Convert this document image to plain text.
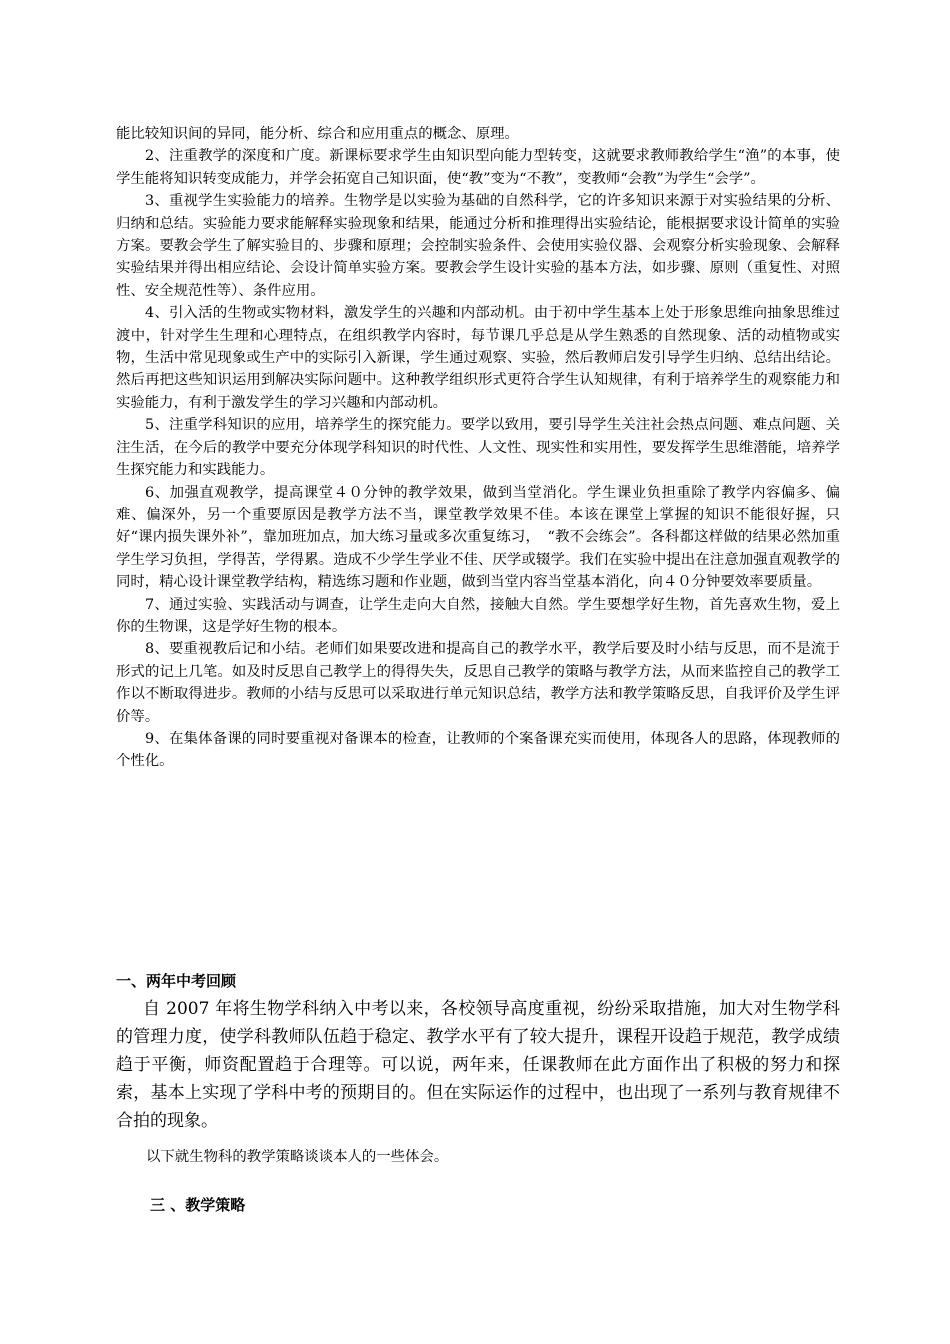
能比较知识间的异同，能分析、综合和应用重点的概念、原理。

2、注重教学的深度和广度。新课标要求学生由知识型向能力型转变，这就要求教师教给学生“渔”的本事，使学生能将知识转变成能力，并学会拓宽自己知识面，使“教”变为“不教”，变教师“会教”为学生“会学”。

3、重视学生实验能力的培养。生物学是以实验为基础的自然科学，它的许多知识来源于对实验结果的分析、归纳和总结。实验能力要求能解释实验现象和结果，能通过分析和推理得出实验结论，能根据要求设计简单的实验方案。要教会学生了解实验目的、步骤和原理；会控制实验条件、会使用实验仪器、会观察分析实验现象、会解释实验结果并得出相应结论、会设计简单实验方案。要教会学生设计实验的基本方法，如步骤、原则（重复性、对照性、安全规范性等）、条件应用。

4、引入活的生物或实物材料，激发学生的兴趣和内部动机。由于初中学生基本上处于形象思维向抽象思维过渡中，针对学生生理和心理特点，在组织教学内容时，每节课几乎总是从学生熟悉的自然现象、活的动植物或实物，生活中常见现象或生产中的实际引入新课，学生通过观察、实验，然后教师启发引导学生归纳、总结出结论。然后再把这些知识运用到解决实际问题中。这种教学组织形式更符合学生认知规律，有利于培养学生的观察能力和实验能力，有利于激发学生的学习兴趣和内部动机。

5、注重学科知识的应用，培养学生的探究能力。要学以致用，要引导学生关注社会热点问题、难点问题、关注生活，在今后的教学中要充分体现学科知识的时代性、人文性、现实性和实用性，要发挥学生思维潜能，培养学生探究能力和实践能力。

6、加强直观教学，提高课堂４０分钟的教学效果，做到当堂消化。学生课业负担重除了教学内容偏多、偏难、偏深外，另一个重要原因是教学方法不当，课堂教学效果不佳。本该在课堂上掌握的知识不能很好握，只好“课内损失课外补”，靠加班加点，加大练习量或多次重复练习，　“教不会练会”。各科都这样做的结果必然加重学生学习负担，学得苦，学得累。造成不少学生学业不佳、厌学或辍学。我们在实验中提出在注意加强直观教学的同时，精心设计课堂教学结构，精选练习题和作业题，做到当堂内容当堂基本消化，向４０分钟要效率要质量。

7、通过实验、实践活动与调查，让学生走向大自然，接触大自然。学生要想学好生物，首先喜欢生物，爱上你的生物课，这是学好生物的根本。

8、要重视教后记和小结。老师们如果要改进和提高自己的教学水平，教学后要及时小结与反思，而不是流于形式的记上几笔。如及时反思自己教学上的得得失失，反思自己教学的策略与教学方法，从而来监控自己的教学工作以不断取得进步。教师的小结与反思可以采取进行单元知识总结，教学方法和教学策略反思，自我评价及学生评价等。

9、在集体备课的同时要重视对备课本的检查，让教师的个案备课充实而使用，体现各人的思路，体现教师的个性化。

一、两年中考回顾

自 2007 年将生物学科纳入中考以来，各校领导高度重视，纷纷采取措施，加大对生物学科的管理力度，使学科教师队伍趋于稳定、教学水平有了较大提升，课程开设趋于规范，教学成绩趋于平衡，师资配置趋于合理等。可以说，两年来，任课教师在此方面作出了积极的努力和探索，基本上实现了学科中考的预期目的。但在实际运作的过程中，也出现了一系列与教育规律不合拍的现象。

以下就生物科的教学策略谈谈本人的一些体会。

三 、教学策略
